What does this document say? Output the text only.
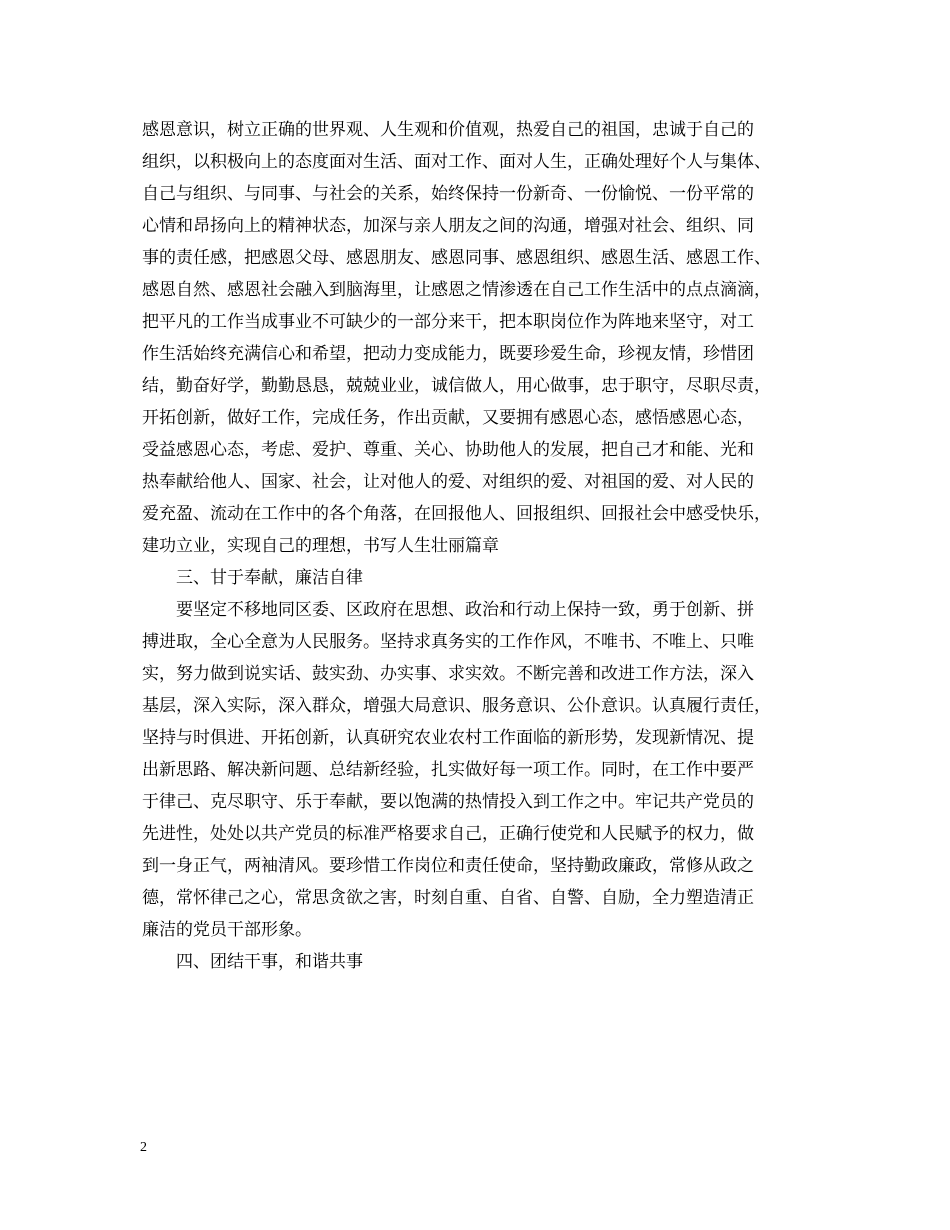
感恩意识，树立正确的世界观、人生观和价值观，热爱自己的祖国，忠诚于自己的
组织，以积极向上的态度面对生活、面对工作、面对人生，正确处理好个人与集体、
自己与组织、与同事、与社会的关系，始终保持一份新奇、一份愉悦、一份平常的
心情和昂扬向上的精神状态，加深与亲人朋友之间的沟通，增强对社会、组织、同
事的责任感，把感恩父母、感恩朋友、感恩同事、感恩组织、感恩生活、感恩工作、
感恩自然、感恩社会融入到脑海里，让感恩之情渗透在自己工作生活中的点点滴滴，
把平凡的工作当成事业不可缺少的一部分来干，把本职岗位作为阵地来坚守，对工
作生活始终充满信心和希望，把动力变成能力，既要珍爱生命，珍视友情，珍惜团
结，勤奋好学，勤勤恳恳，兢兢业业，诚信做人，用心做事，忠于职守，尽职尽责，
开拓创新，做好工作，完成任务，作出贡献，又要拥有感恩心态，感悟感恩心态，
受益感恩心态，考虑、爱护、尊重、关心、协助他人的发展，把自己才和能、光和
热奉献给他人、国家、社会，让对他人的爱、对组织的爱、对祖国的爱、对人民的
爱充盈、流动在工作中的各个角落，在回报他人、回报组织、回报社会中感受快乐，
建功立业，实现自己的理想，书写人生壮丽篇章
三、甘于奉献，廉洁自律
要坚定不移地同区委、区政府在思想、政治和行动上保持一致，勇于创新、拼
搏进取，全心全意为人民服务。坚持求真务实的工作作风，不唯书、不唯上、只唯
实，努力做到说实话、鼓实劲、办实事、求实效。不断完善和改进工作方法，深入
基层，深入实际，深入群众，增强大局意识、服务意识、公仆意识。认真履行责任，
坚持与时俱进、开拓创新，认真研究农业农村工作面临的新形势，发现新情况、提
出新思路、解决新问题、总结新经验，扎实做好每一项工作。同时，在工作中要严
于律己、克尽职守、乐于奉献，要以饱满的热情投入到工作之中。牢记共产党员的
先进性，处处以共产党员的标准严格要求自己，正确行使党和人民赋予的权力，做
到一身正气，两袖清风。要珍惜工作岗位和责任使命，坚持勤政廉政，常修从政之
德，常怀律己之心，常思贪欲之害，时刻自重、自省、自警、自励，全力塑造清正
廉洁的党员干部形象。
四、团结干事，和谐共事
2
